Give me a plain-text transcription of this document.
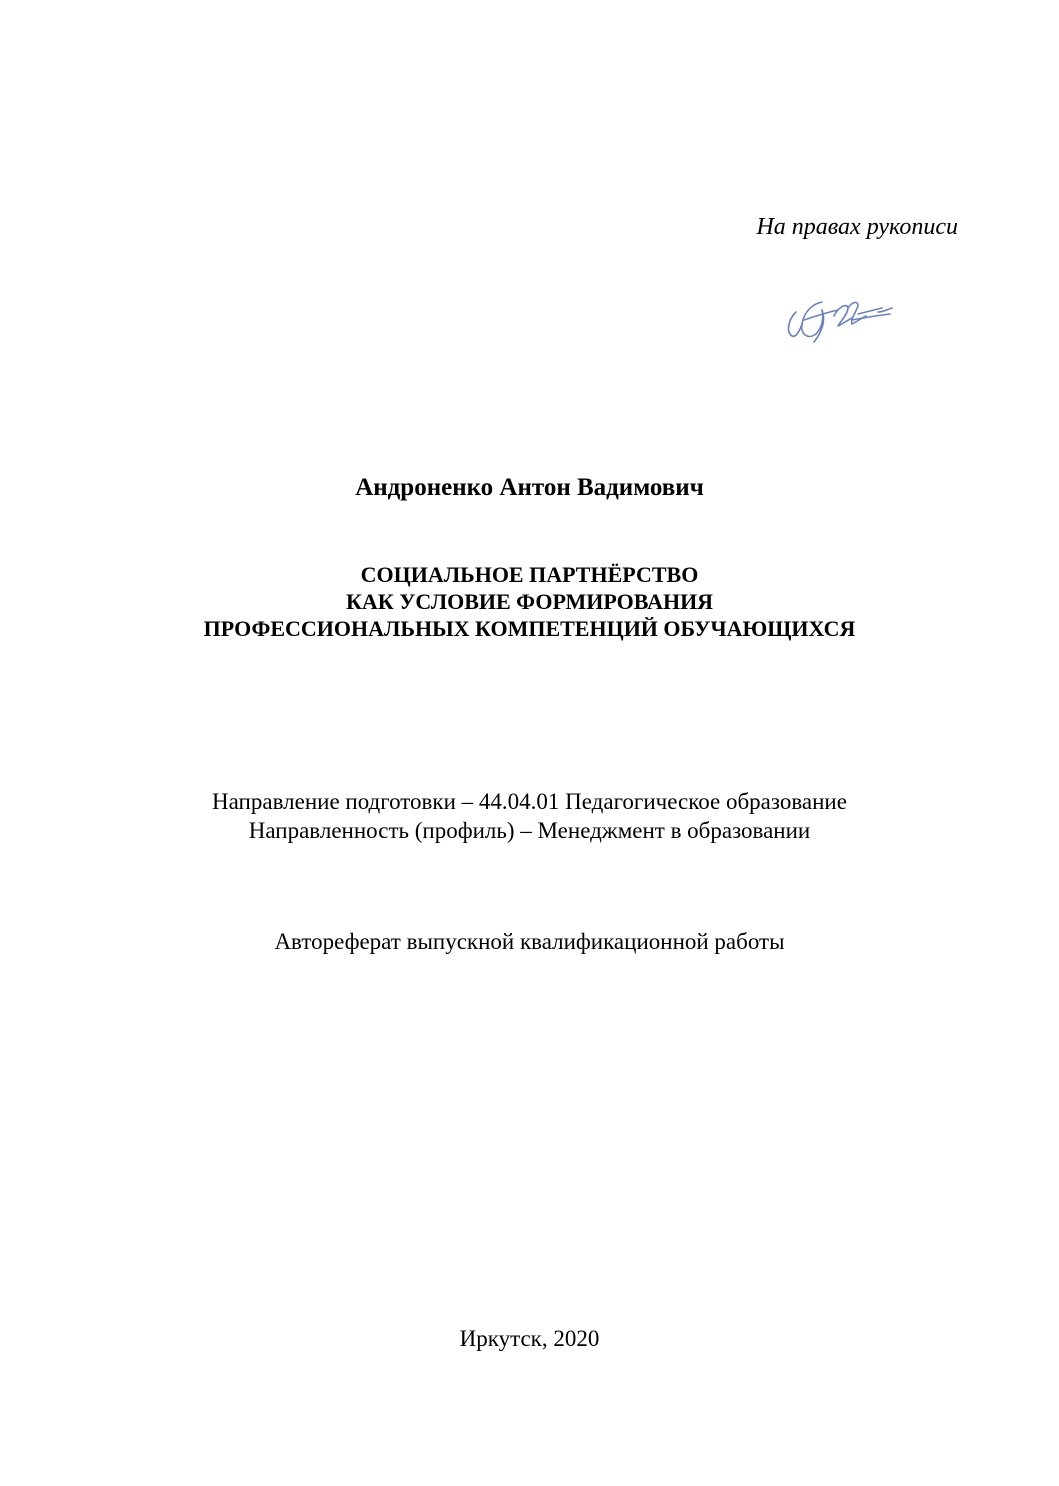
На правах рукописи
Андроненко Антон Вадимович
СОЦИАЛЬНОЕ ПАРТНЁРСТВО
КАК УСЛОВИЕ ФОРМИРОВАНИЯ
ПРОФЕССИОНАЛЬНЫХ КОМПЕТЕНЦИЙ ОБУЧАЮЩИХСЯ
Направление подготовки – 44.04.01 Педагогическое образование
Направленность (профиль) – Менеджмент в образовании
Автореферат выпускной квалификационной работы
Иркутск, 2020
